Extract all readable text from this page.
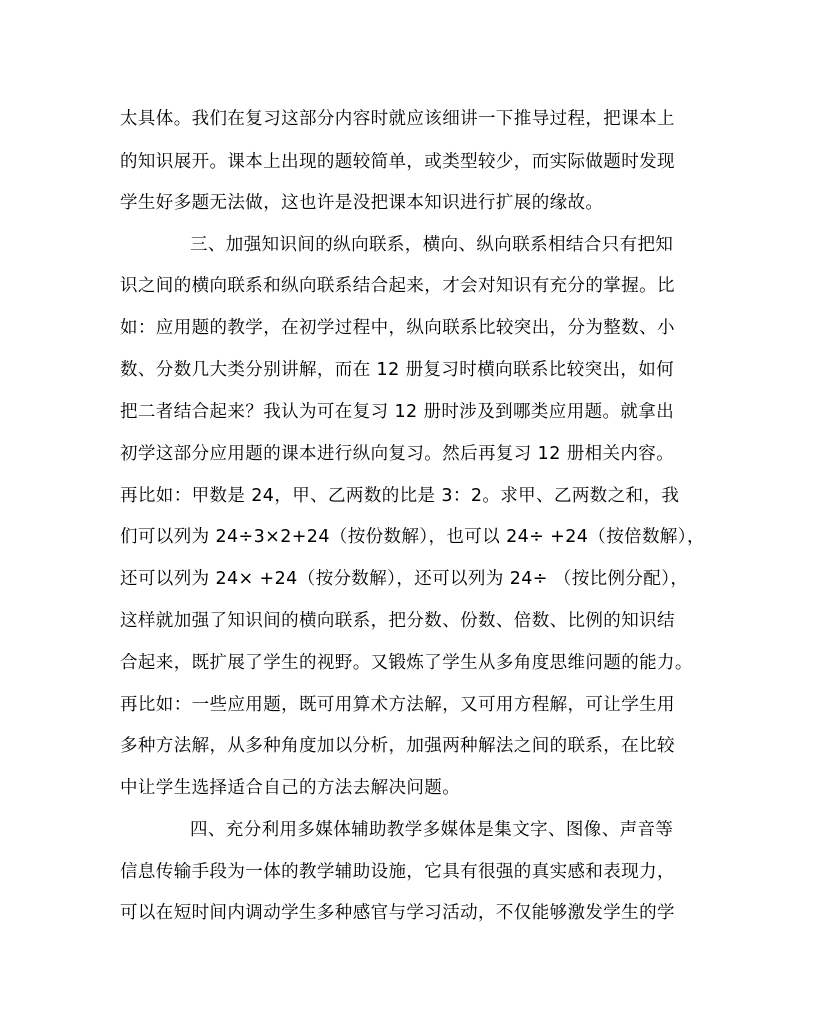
太具体。我们在复习这部分内容时就应该细讲一下推导过程，把课本上
的知识展开。课本上出现的题较简单，或类型较少，而实际做题时发现
学生好多题无法做，这也许是没把课本知识进行扩展的缘故。
三、加强知识间的纵向联系，横向、纵向联系相结合只有把知
识之间的横向联系和纵向联系结合起来，才会对知识有充分的掌握。比
如：应用题的教学，在初学过程中，纵向联系比较突出，分为整数、小
数、分数几大类分别讲解，而在 12 册复习时横向联系比较突出，如何
把二者结合起来？我认为可在复习 12 册时涉及到哪类应用题。就拿出
初学这部分应用题的课本进行纵向复习。然后再复习 12 册相关内容。
再比如：甲数是 24，甲、乙两数的比是 3：2。求甲、乙两数之和，我
们可以列为 24÷3×2+24（按份数解），也可以 24÷ +24（按倍数解），
还可以列为 24× +24（按分数解），还可以列为 24÷ （按比例分配），
这样就加强了知识间的横向联系，把分数、份数、倍数、比例的知识结
合起来，既扩展了学生的视野。又锻炼了学生从多角度思维问题的能力。
再比如：一些应用题，既可用算术方法解，又可用方程解，可让学生用
多种方法解，从多种角度加以分析，加强两种解法之间的联系，在比较
中让学生选择适合自己的方法去解决问题。
四、充分利用多媒体辅助教学多媒体是集文字、图像、声音等
信息传输手段为一体的教学辅助设施，它具有很强的真实感和表现力，
可以在短时间内调动学生多种感官与学习活动，不仅能够激发学生的学
